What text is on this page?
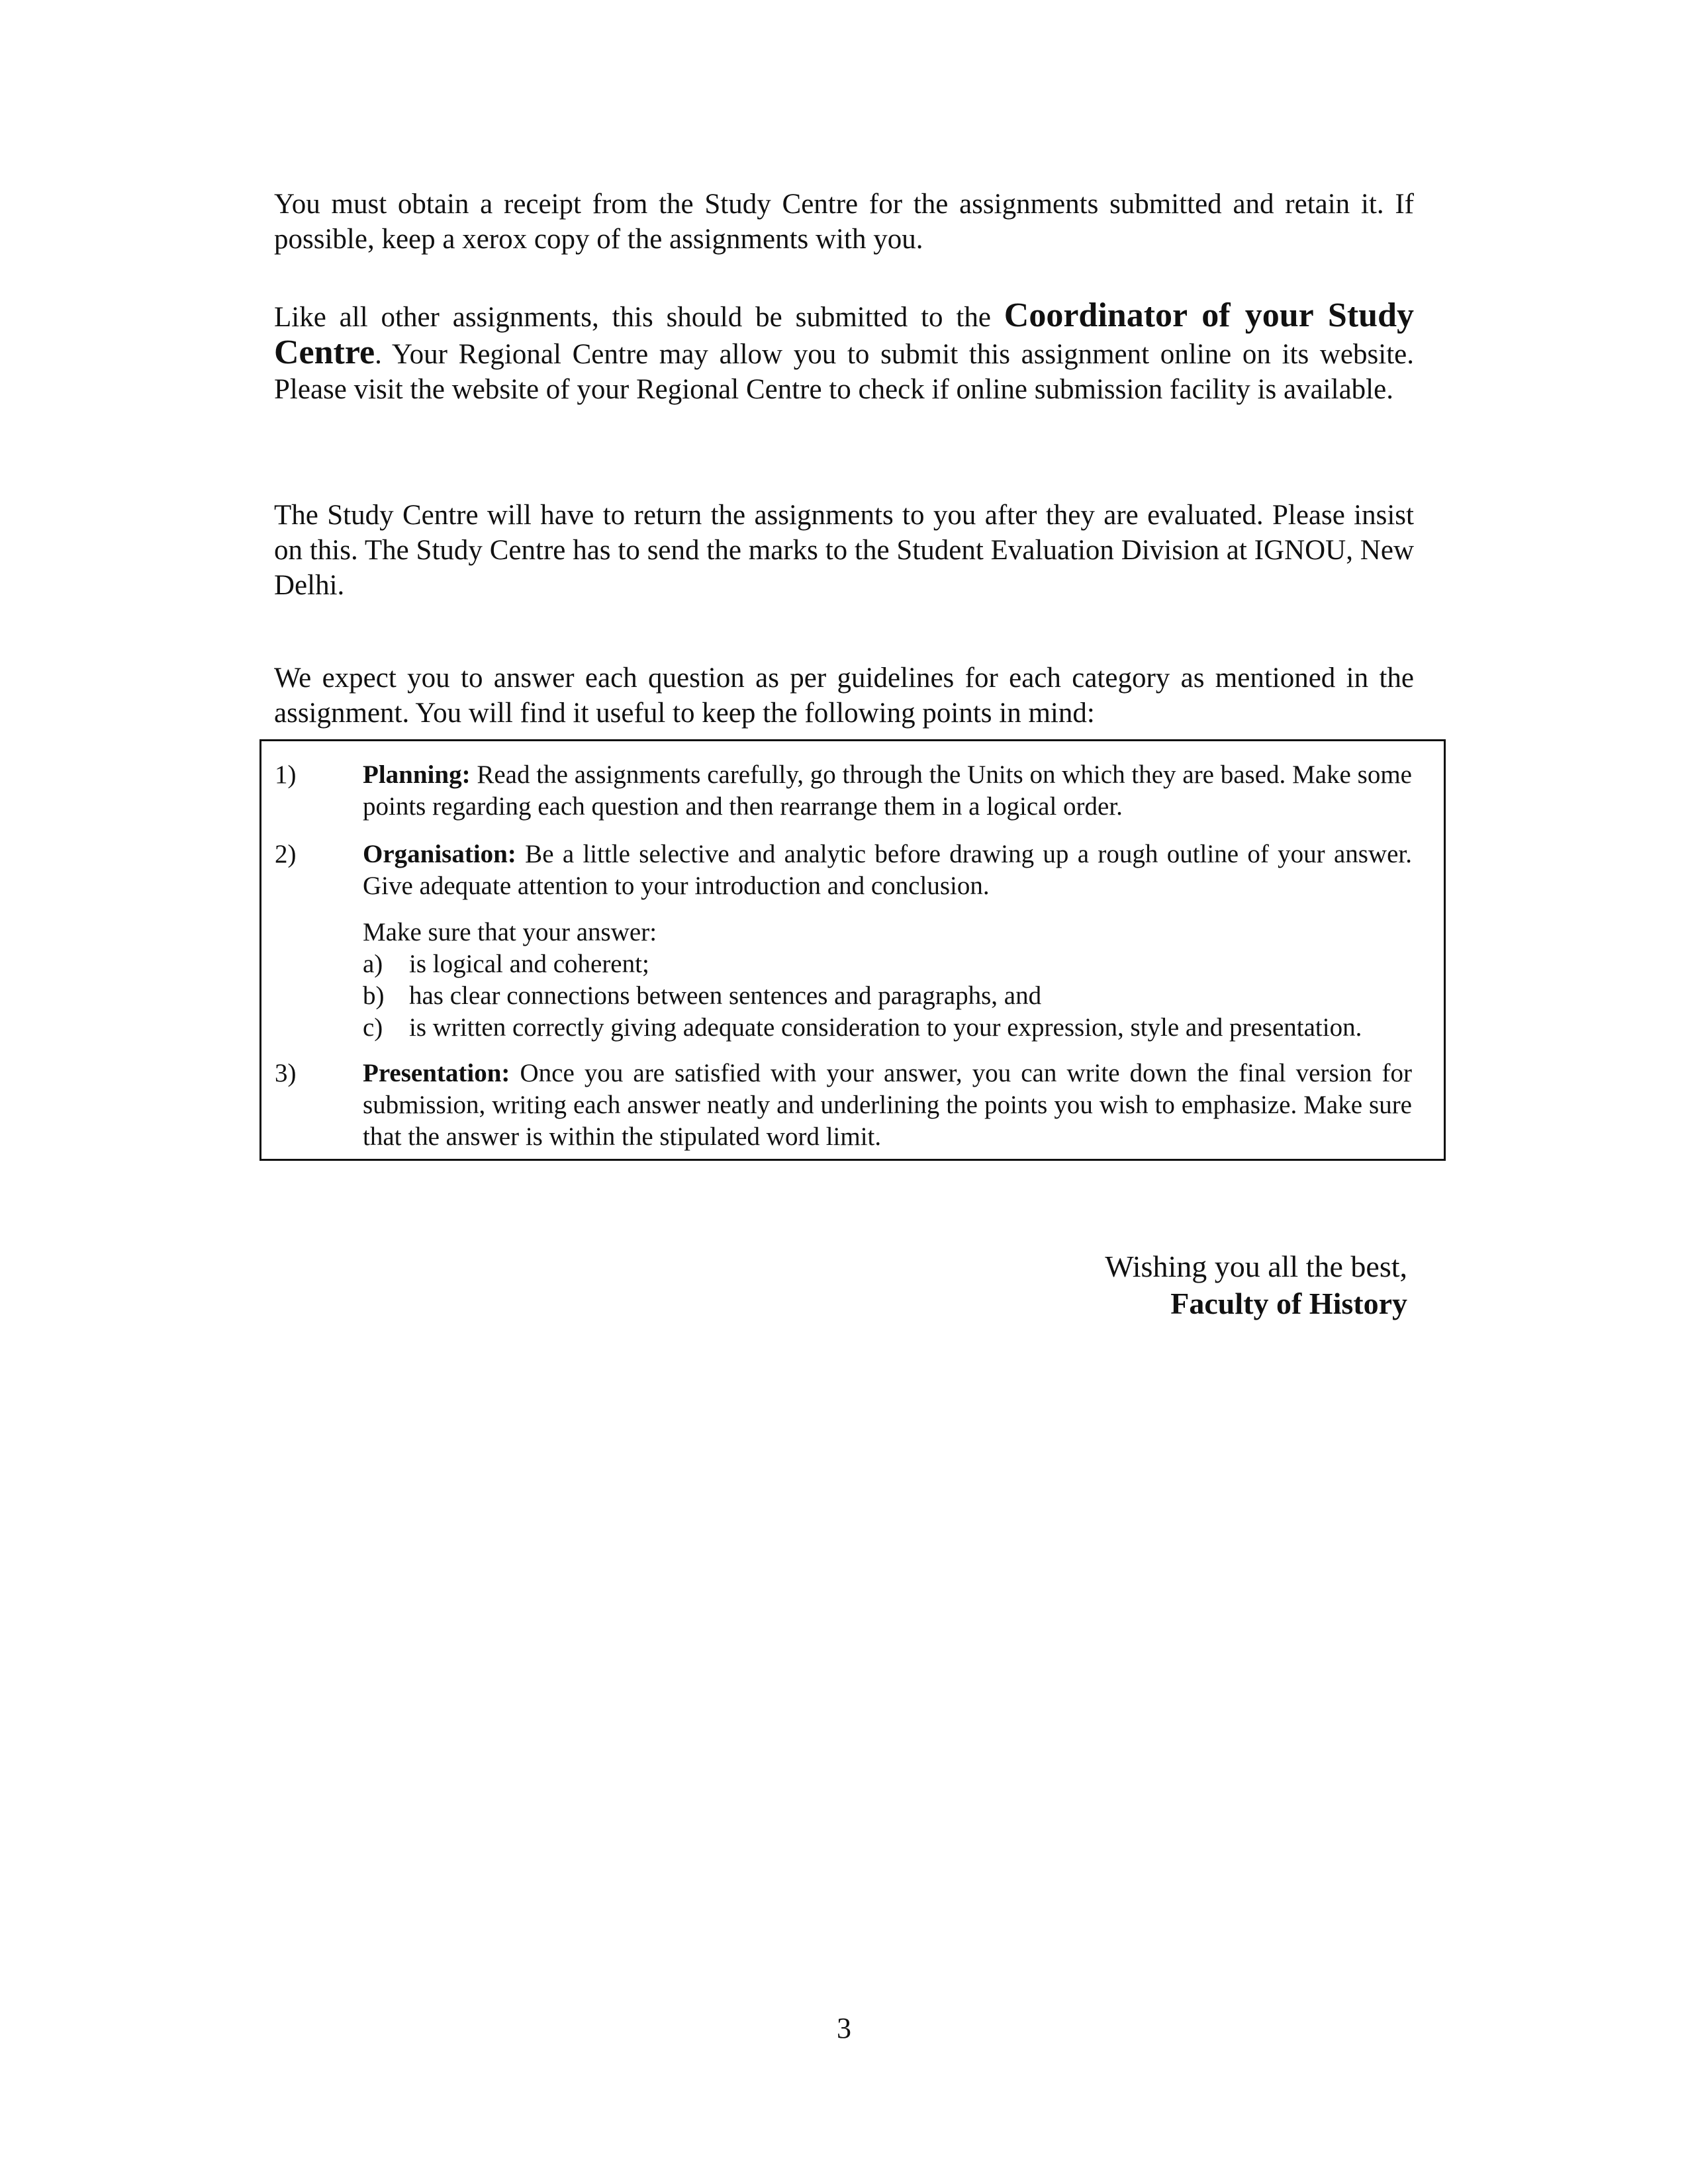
You must obtain a receipt from the Study Centre for the assignments submitted and retain it. If possible, keep a xerox copy of the assignments with you.

Like all other assignments, this should be submitted to the Coordinator of your Study Centre. Your Regional Centre may allow you to submit this assignment online on its website. Please visit the website of your Regional Centre to check if online submission facility is available.

The Study Centre will have to return the assignments to you after they are evaluated. Please insist on this. The Study Centre has to send the marks to the Student Evaluation Division at IGNOU, New Delhi.

We expect you to answer each question as per guidelines for each category as mentioned in the assignment. You will find it useful to keep the following points in mind:

1)	Planning: Read the assignments carefully, go through the Units on which they are based. Make some points regarding each question and then rearrange them in a logical order.
2)	Organisation: Be a little selective and analytic before drawing up a rough outline of your answer. Give adequate attention to your introduction and conclusion.
Make sure that your answer:
a) is logical and coherent;
b) has clear connections between sentences and paragraphs, and
c) is written correctly giving adequate consideration to your expression, style and presentation.
3)	Presentation: Once you are satisfied with your answer, you can write down the final version for submission, writing each answer neatly and underlining the points you wish to emphasize. Make sure that the answer is within the stipulated word limit.
Wishing you all the best,
Faculty of History
3
